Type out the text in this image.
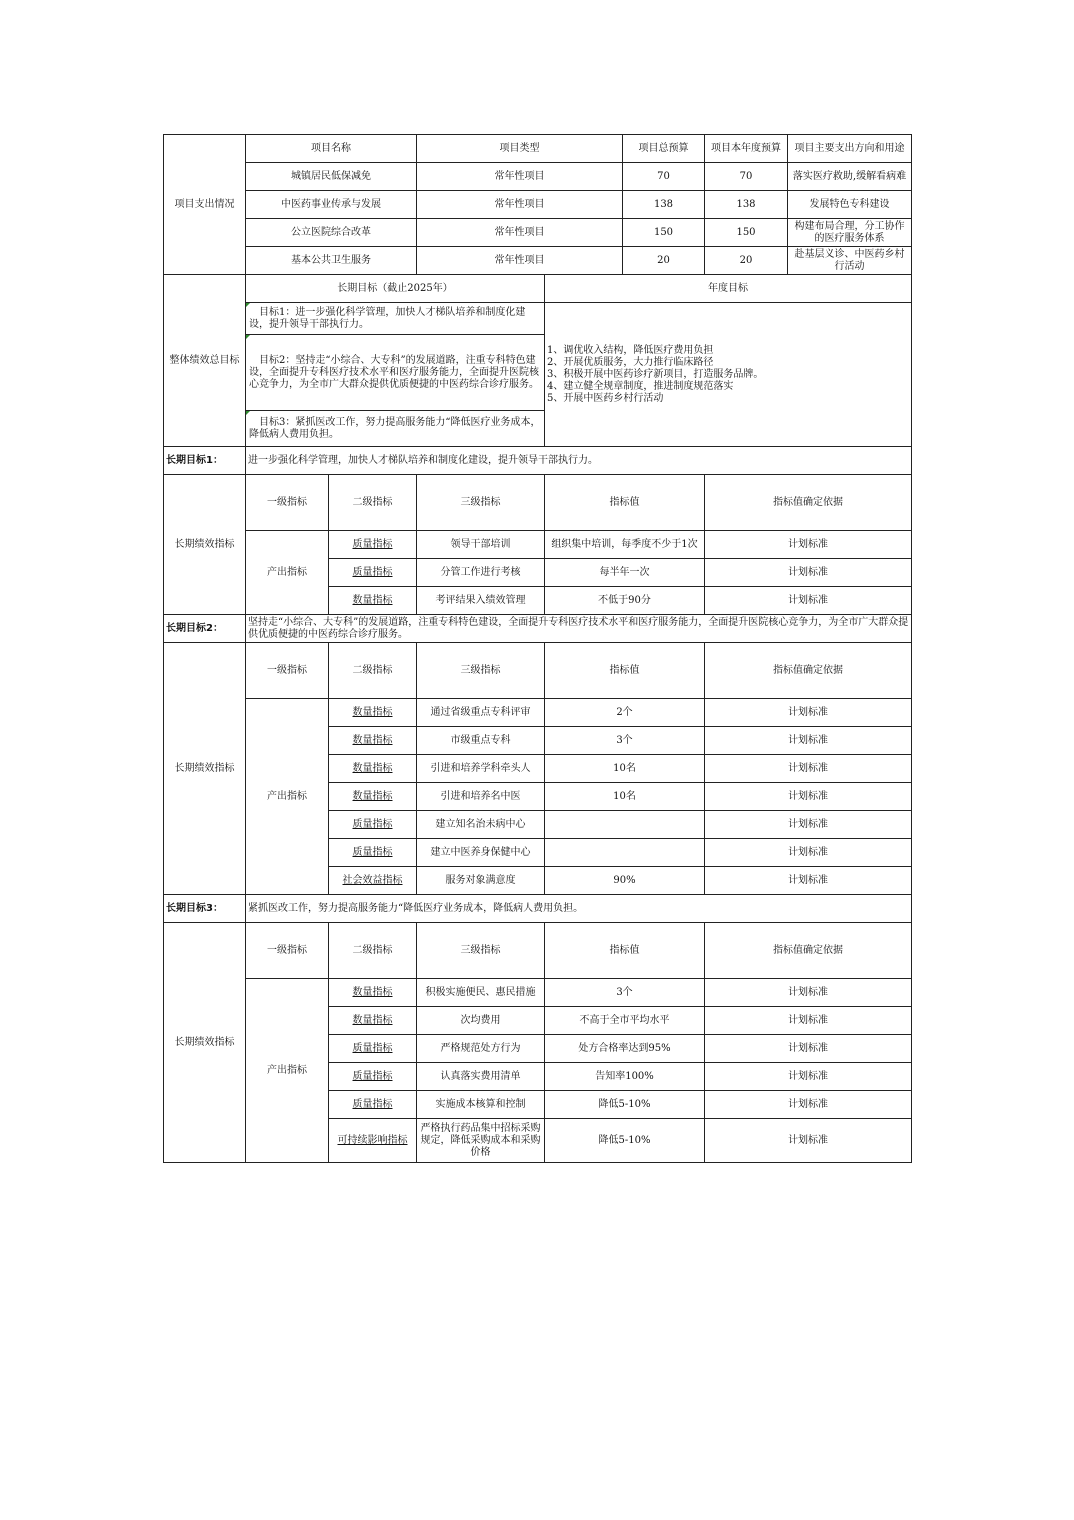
项目支出情况	项目名称		项目类型		项目总预算	项目本年度预算	项目主要支出方向和用途
	城镇居民低保减免		常年性项目		70	70	落实医疗救助,缓解看病难
	中医药事业传承与发展		常年性项目		138	138	发展特色专科建设
	公立医院综合改革		常年性项目		150	150	构建布局合理，分工协作的医疗服务体系
	基本公共卫生服务		常年性项目		20	20	赴基层义诊、中医药乡村行活动
整体绩效总目标	长期目标（截止2025年）			年度目标			
	目标1：进一步强化科学管理，加快人才梯队培养和制度化建设，提升领导干部执行力。			1、调优收入结构，降低医疗费用负担
2、开展优质服务，大力推行临床路径
3、积极开展中医药诊疗新项目，打造服务品牌。
4、建立健全规章制度，推进制度规范落实
5、开展中医药乡村行活动			

	目标2：坚持走“小综合、大专科”的发展道路，注重专科特色建设，全面提升专科医疗技术水平和医疗服务能力，全面提升医院核心竞争力，为全市广大群众提供优质便捷的中医药综合诊疗服务。						
	目标3：紧抓医改工作，努力提高服务能力“降低医疗业务成本，降低病人费用负担。						
长期目标1：	进一步强化科学管理，加快人才梯队培养和制度化建设，提升领导干部执行力。						
长期绩效指标	一级指标	二级指标	三级指标	指标值		指标值确定依据	
	产出指标	质量指标	领导干部培训	组织集中培训，每季度不少于1次		计划标准	
		质量指标	分管工作进行考核	每半年一次		计划标准	
		数量指标	考评结果入绩效管理	不低于90分		计划标准	
长期目标2：	坚持走“小综合、大专科”的发展道路，注重专科特色建设，全面提升专科医疗技术水平和医疗服务能力，全面提升医院核心竞争力，为全市广大群众提供优质便捷的中医药综合诊疗服务。						
长期绩效指标	一级指标	二级指标	三级指标	指标值		指标值确定依据	
	产出指标	数量指标	通过省级重点专科评审	2个		计划标准	
		数量指标	市级重点专科	3个		计划标准	
		数量指标	引进和培养学科牵头人	10名		计划标准	
		数量指标	引进和培养名中医	10名		计划标准	
		质量指标	建立知名治未病中心			计划标准	
		质量指标	建立中医养身保健中心			计划标准	
		社会效益指标	服务对象满意度	90%		计划标准	
长期目标3：	紧抓医改工作，努力提高服务能力“降低医疗业务成本，降低病人费用负担。						
长期绩效指标	一级指标	二级指标	三级指标	指标值		指标值确定依据	
	产出指标	数量指标	积极实施便民、惠民措施	3个		计划标准	
		数量指标	次均费用	不高于全市平均水平		计划标准	
		质量指标	严格规范处方行为	处方合格率达到95%		计划标准	
		质量指标	认真落实费用清单	告知率100%		计划标准	
		质量指标	实施成本核算和控制	降低5-10%		计划标准	
		可持续影响指标	严格执行药品集中招标采购规定，降低采购成本和采购价格	降低5-10%		计划标准	
